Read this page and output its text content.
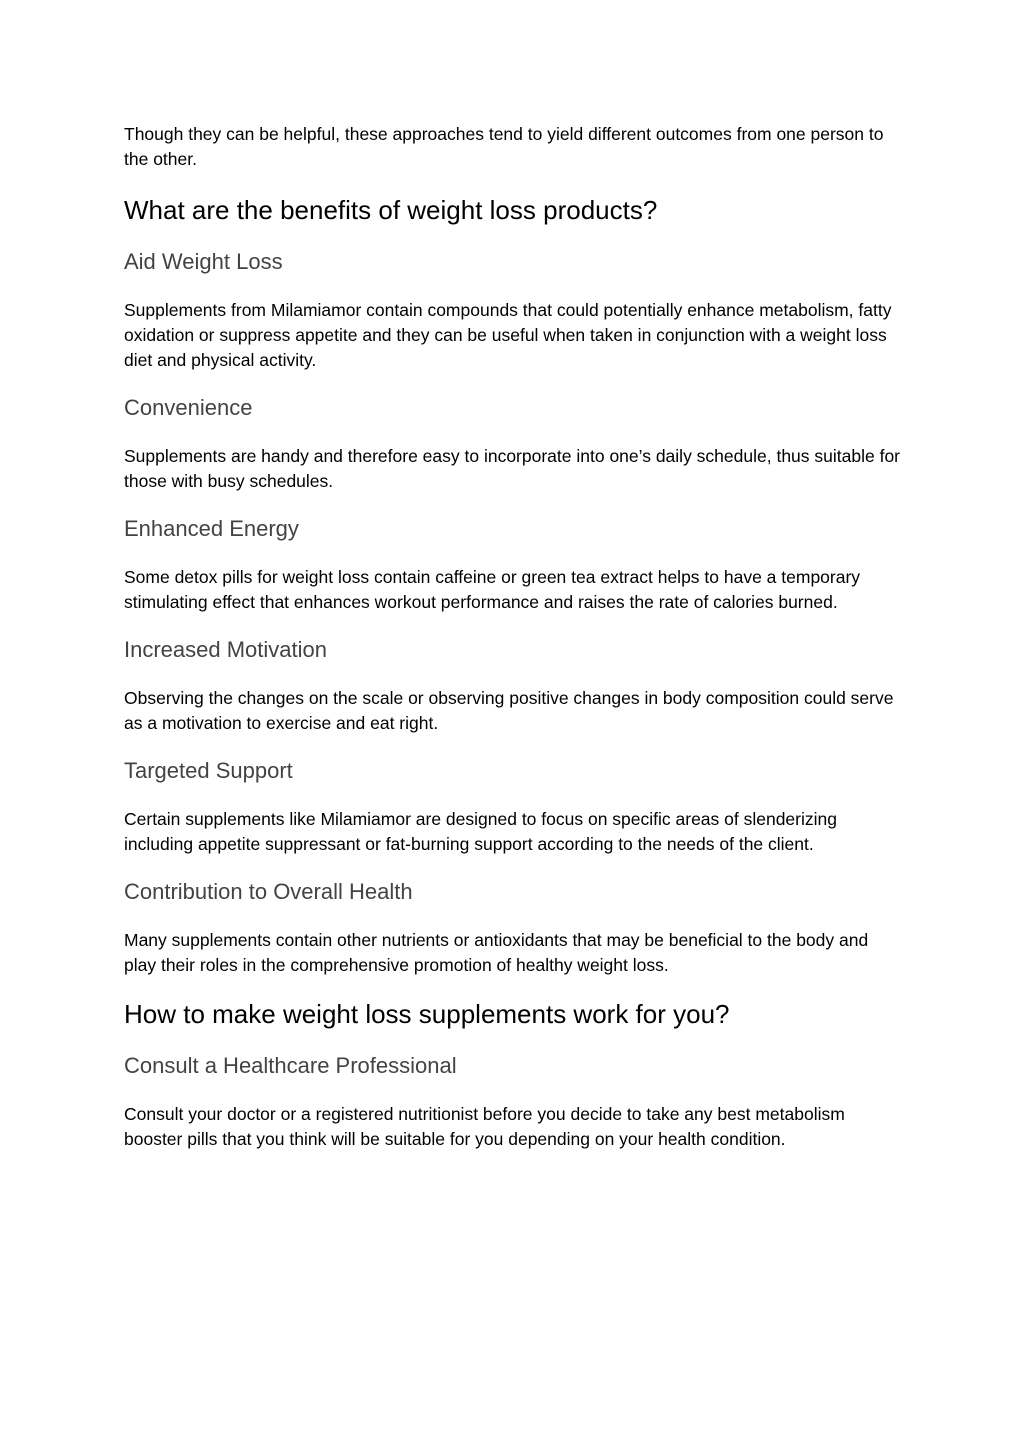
Though they can be helpful, these approaches tend to yield different outcomes from one person to the other.

What are the benefits of weight loss products?
Aid Weight Loss

Supplements from Milamiamor contain compounds that could potentially enhance metabolism, fatty oxidation or suppress appetite and they can be useful when taken in conjunction with a weight loss diet and physical activity.

Convenience

Supplements are handy and therefore easy to incorporate into one’s daily schedule, thus suitable for those with busy schedules.

Enhanced Energy

Some detox pills for weight loss contain caffeine or green tea extract helps to have a temporary stimulating effect that enhances workout performance and raises the rate of calories burned.

Increased Motivation

Observing the changes on the scale or observing positive changes in body composition could serve as a motivation to exercise and eat right.

Targeted Support

Certain supplements like Milamiamor are designed to focus on specific areas of slenderizing including appetite suppressant or fat-burning support according to the needs of the client.

Contribution to Overall Health

Many supplements contain other nutrients or antioxidants that may be beneficial to the body and play their roles in the comprehensive promotion of healthy weight loss.

How to make weight loss supplements work for you?
Consult a Healthcare Professional

Consult your doctor or a registered nutritionist before you decide to take any best metabolism booster pills that you think will be suitable for you depending on your health condition.
